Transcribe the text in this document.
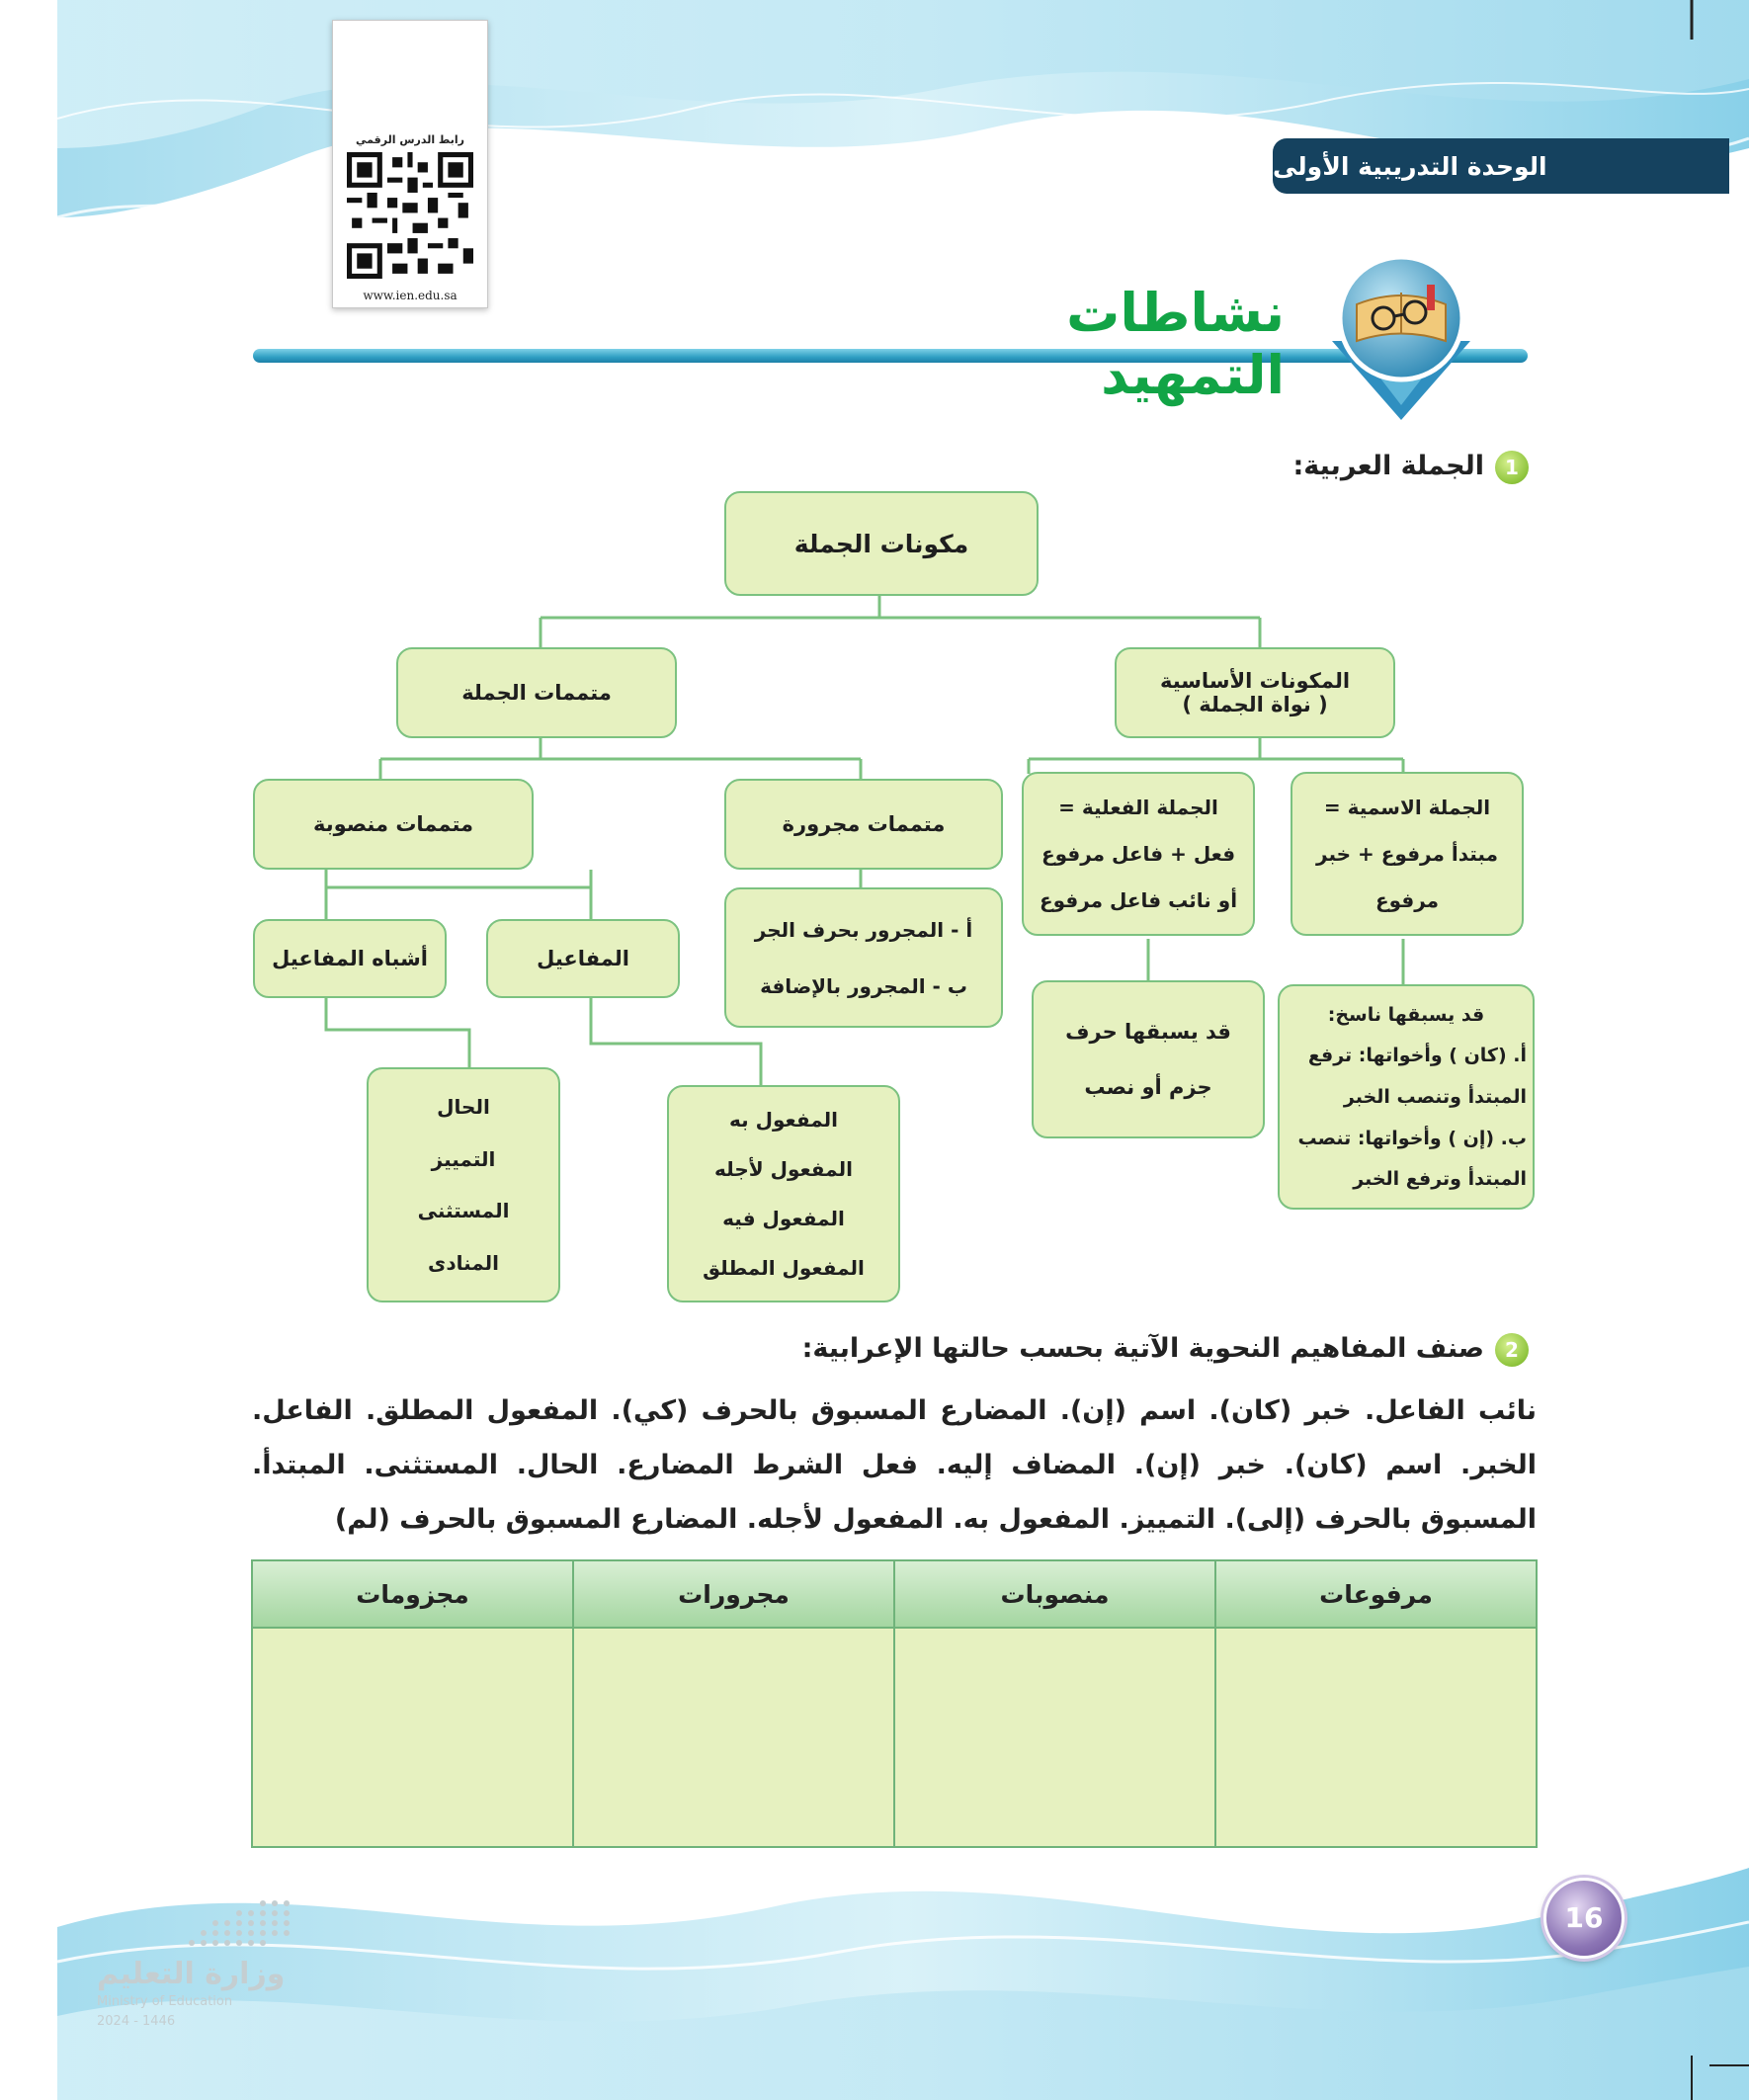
رابط الدرس الرقمي
www.ien.edu.sa
الوحدة التدريبية الأولى
نشاطات التمهيد
1
الجملة العربية:
مكونات الجملة
المكونات الأساسية
( نواة الجملة )
متممات الجملة
الجملة الاسمية =
مبتدأ مرفوع + خبر
مرفوع
الجملة الفعلية =
فعل + فاعل مرفوع
أو نائب فاعل مرفوع
متممات مجرورة
متممات منصوبة
قد يسبقها ناسخ:
أ. (كان ) وأخواتها: ترفع
المبتدأ وتنصب الخبر
ب. (إن ) وأخواتها: تنصب
المبتدأ وترفع الخبر
قد يسبقها حرف
جزم أو نصب
أ - المجرور بحرف الجر
ب - المجرور بالإضافة
المفاعيل
أشباه المفاعيل
المفعول به
المفعول لأجله
المفعول فيه
المفعول المطلق
الحال
التمييز
المستثنى
المنادى
2
صنف المفاهيم النحوية الآتية بحسب حالتها الإعرابية:
نائب الفاعل. خبر (كان). اسم (إن). المضارع المسبوق بالحرف (كي). المفعول المطلق. الفاعل. الخبر. اسم (كان). خبر (إن). المضاف إليه. فعل الشرط المضارع. الحال. المستثنى. المبتدأ. المسبوق بالحرف (إلى). التمييز. المفعول به. المفعول لأجله. المضارع المسبوق بالحرف (لم)
مرفوعات	منصوبات	مجرورات	مجزومات

16
وزارة التعليم
Ministry of Education
2024 - 1446
